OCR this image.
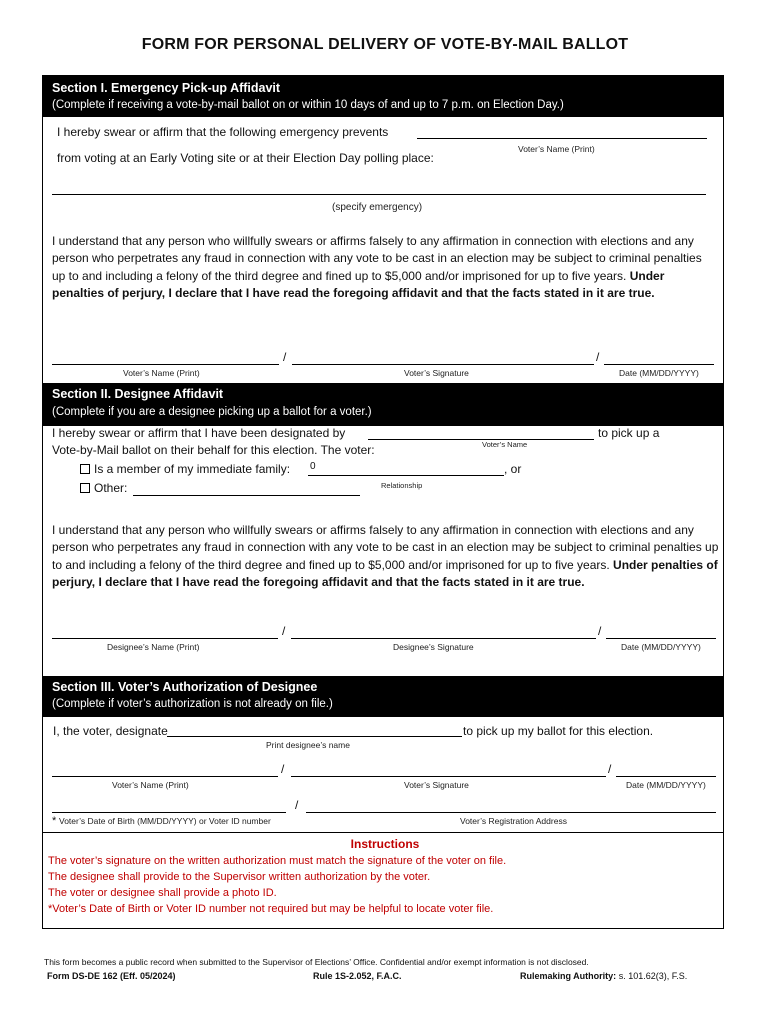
FORM FOR PERSONAL DELIVERY OF VOTE-BY-MAIL BALLOT
Section I. Emergency Pick-up Affidavit
(Complete if receiving a vote-by-mail ballot on or within 10 days of and up to 7 p.m. on Election Day.)
I hereby swear or affirm that the following emergency prevents
Voter’s Name (Print)
from voting at an Early Voting site or at their Election Day polling place:
(specify emergency)
I understand that any person who willfully swears or affirms falsely to any affirmation in connection with elections and any person who perpetrates any fraud in connection with any vote to be cast in an election may be subject to criminal penalties up to and including a felony of the third degree and fined up to $5,000 and/or imprisoned for up to five years. Under penalties of perjury, I declare that I have read the foregoing affidavit and that the facts stated in it are true.
/	/
Voter’s Name (Print)	Voter’s Signature	Date (MM/DD/YYYY)
Section II. Designee Affidavit
(Complete if you are a designee picking up a ballot for a voter.)
I hereby swear or affirm that I have been designated by	to pick up a
Voter’s Name
Vote-by-Mail ballot on their behalf for this election. The voter:
Is a member of my immediate family: 0	, or
Relationship
Other:
I understand that any person who willfully swears or affirms falsely to any affirmation in connection with elections and any person who perpetrates any fraud in connection with any vote to be cast in an election may be subject to criminal penalties up to and including a felony of the third degree and fined up to $5,000 and/or imprisoned for up to five years. Under penalties of perjury, I declare that I have read the foregoing affidavit and that the facts stated in it are true.
/	/
Designee’s Name (Print)	Designee’s Signature	Date (MM/DD/YYYY)
Section III. Voter’s Authorization of Designee
(Complete if voter’s authorization is not already on file.)
I, the voter, designate	to pick up my ballot for this election.
Print designee’s name
/	/
Voter’s Name (Print)	Voter’s Signature	Date (MM/DD/YYYY)
/
* Voter’s Date of Birth (MM/DD/YYYY) or Voter ID number	Voter’s Registration Address
Instructions
The voter’s signature on the written authorization must match the signature of the voter on file.
The designee shall provide to the Supervisor written authorization by the voter.
The voter or designee shall provide a photo ID.
*Voter’s Date of Birth or Voter ID number not required but may be helpful to locate voter file.
This form becomes a public record when submitted to the Supervisor of Elections’ Office. Confidential and/or exempt information is not disclosed.
Form DS-DE 162 (Eff. 05/2024)	Rule 1S-2.052, F.A.C.	Rulemaking Authority: s. 101.62(3), F.S.
